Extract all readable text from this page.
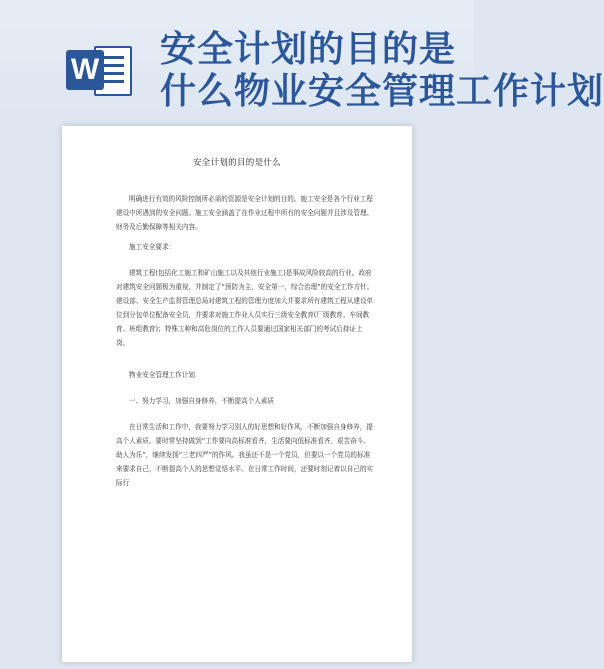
W 安全计划的目的是
什么物业安全管理工作计划
安全计划的目的是什么

明确进行有效的风险控制所必需的资源是安全计划的目的。施工安全是各个行业工程建设中所遇到的安全问题。施工安全涵盖了在作业过程中所有的安全问题并且涉及管理、财务及后勤保障等相关内容。

施工安全要求：

建筑工程(包括化工施工和矿山施工以及其他行业施工)是事故风险较高的行业。政府对建筑安全问题极为重视，并制定了“预防为主，安全第一，综合治理”的安全工作方针。建设部、安全生产监督管理总局对建筑工程的管理力度加大并要求所有建筑工程从建设单位到分包单位配备安全员，并要求对施工作业人员实行三级安全教育(厂级教育、车间教育、班组教育)；特殊工种和高危岗位的工作人员要通过国家相关部门的考试后持证上岗。

物业安全管理工作计划

一、努力学习，加强自身修养，不断提高个人素质

在日常生活和工作中，我要努力学习别人的好思想和好作风，不断加强自身修养，提高个人素质。要时常坚持做到“工作要向高标准看齐，生活要向低标准看齐，艰苦奋斗、助人为乐”，继续发扬“三老四严”的作风。我虽还不是一个党员，但要以一个党员的标准来要求自己，不断提高个人的思想觉悟水平。在日常工作时间，还要时刻记着以自己的实际行
